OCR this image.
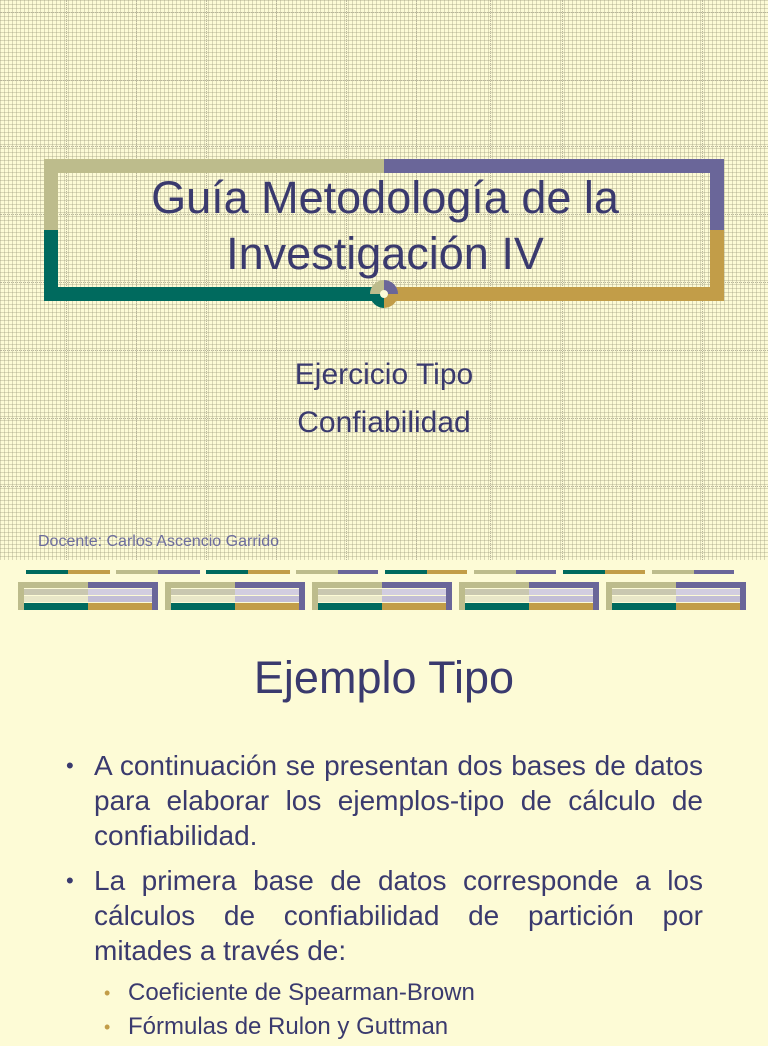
Guía Metodología de la
Investigación IV
Ejercicio Tipo
Confiabilidad
Docente: Carlos Ascencio Garrido
Ejemplo Tipo
• A continuación se presentan dos bases de datos para elaborar los ejemplos-tipo de cálculo de confiabilidad.
• La primera base de datos corresponde a los cálculos de confiabilidad de partición por mitades a través de:
• Coeficiente de Spearman-Brown
• Fórmulas de Rulon y Guttman
